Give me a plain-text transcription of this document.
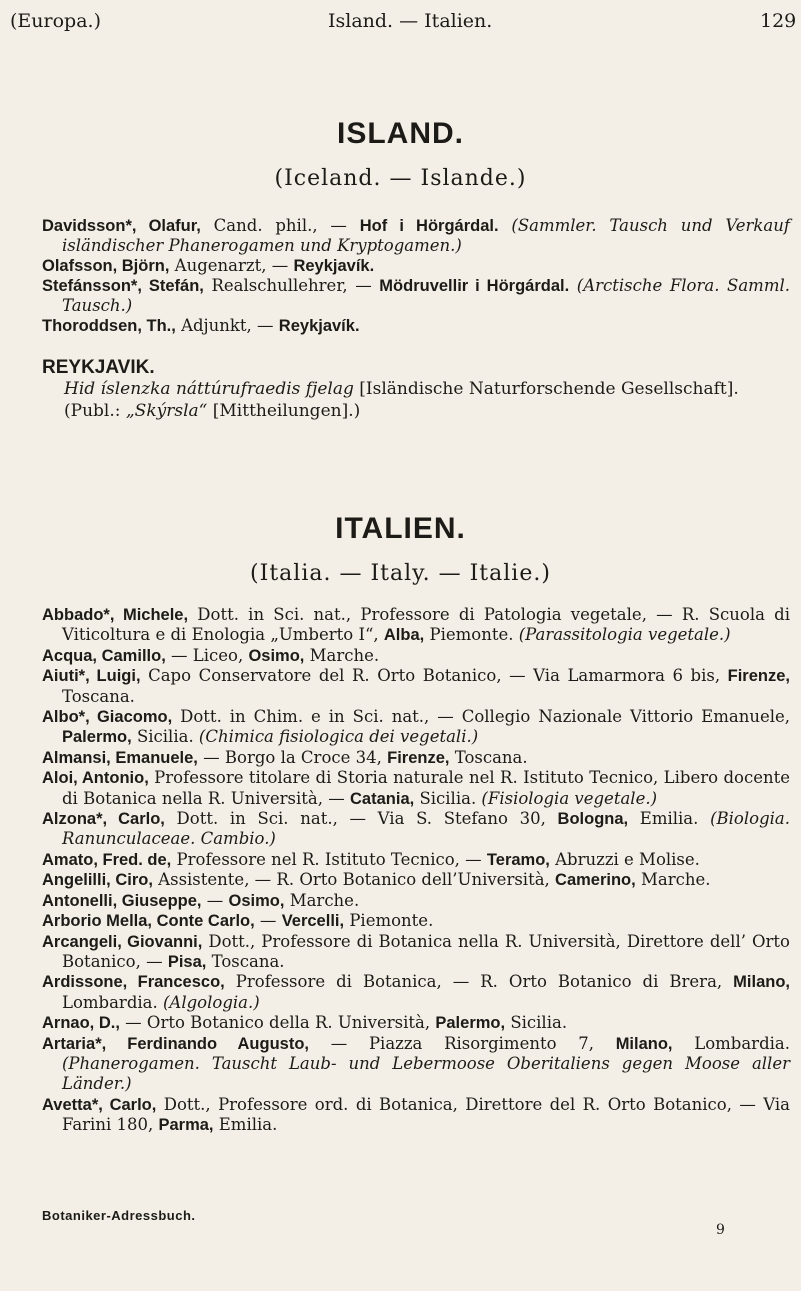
(Europa.)	Island. — Italien.	129
ISLAND.
(Iceland. — Islande.)

Davidsson*, Olafur, Cand. phil., — Hof i Hörgárdal. (Sammler. Tausch und Verkauf isländischer Phanerogamen und Kryptogamen.)

Olafsson, Björn, Augenarzt, — Reykjavík.

Stefánsson*, Stefán, Realschullehrer, — Mödruvellir i Hörgárdal. (Arctische Flora. Samml. Tausch.)

Thoroddsen, Th., Adjunkt, — Reykjavík.

REYKJAVIK.
Hid íslenzka náttúrufraedis fjelag [Isländische Naturforschende Gesellschaft].
(Publ.: „Skýrsla“ [Mittheilungen].)
ITALIEN.
(Italia. — Italy. — Italie.)

Abbado*, Michele, Dott. in Sci. nat., Professore di Patologia vegetale, — R. Scuola di Viticoltura e di Enologia „Umberto I“, Alba, Piemonte. (Parassitologia vegetale.)

Acqua, Camillo, — Liceo, Osimo, Marche.

Aiuti*, Luigi, Capo Conservatore del R. Orto Botanico, — Via Lamarmora 6 bis, Firenze, Toscana.

Albo*, Giacomo, Dott. in Chim. e in Sci. nat., — Collegio Nazionale Vittorio Emanuele, Palermo, Sicilia. (Chimica fisiologica dei vegetali.)

Almansi, Emanuele, — Borgo la Croce 34, Firenze, Toscana.

Aloi, Antonio, Professore titolare di Storia naturale nel R. Istituto Tecnico, Libero docente di Botanica nella R. Università, — Catania, Sicilia. (Fisiologia vegetale.)

Alzona*, Carlo, Dott. in Sci. nat., — Via S. Stefano 30, Bologna, Emilia. (Biologia. Ranunculaceae. Cambio.)

Amato, Fred. de, Professore nel R. Istituto Tecnico, — Teramo, Abruzzi e Molise.

Angelilli, Ciro, Assistente, — R. Orto Botanico dell’Università, Camerino, Marche.

Antonelli, Giuseppe, — Osimo, Marche.

Arborio Mella, Conte Carlo, — Vercelli, Piemonte.

Arcangeli, Giovanni, Dott., Professore di Botanica nella R. Università, Direttore dell’ Orto Botanico, — Pisa, Toscana.

Ardissone, Francesco, Professore di Botanica, — R. Orto Botanico di Brera, Milano, Lombardia. (Algologia.)

Arnao, D., — Orto Botanico della R. Università, Palermo, Sicilia.

Artaria*, Ferdinando Augusto, — Piazza Risorgimento 7, Milano, Lombardia. (Phanerogamen. Tauscht Laub- und Lebermoose Oberitaliens gegen Moose aller Länder.)

Avetta*, Carlo, Dott., Professore ord. di Botanica, Direttore del R. Orto Botanico, — Via Farini 180, Parma, Emilia.

Botaniker-Adressbuch.
9
